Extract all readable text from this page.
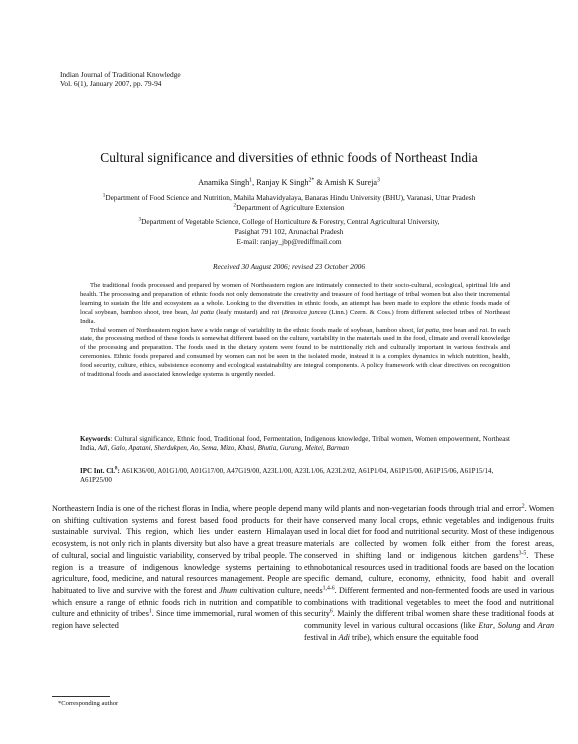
Indian Journal of Traditional Knowledge
Vol. 6(1), January 2007, pp. 79-94
Cultural significance and diversities of ethnic foods of Northeast India
Anamika Singh$^1$, Ranjay K Singh$^{2*}$ & Amish K Sureja$^3$
$^1$Department of Food Science and Nutrition, Mahila Mahavidyalaya, Banaras Hindu University (BHU), Varanasi, Uttar Pradesh
$^2$Department of Agriculture Extension
$^3$Department of Vegetable Science, College of Horticulture & Forestry, Central Agricultural University,
Pasighat 791 102, Arunachal Pradesh
E-mail: ranjay_jbp@rediffmail.com
Received 30 August 2006; revised 23 October 2006

The traditional foods processed and prepared by women of Northeastern region are intimately connected to their socio-cultural, ecological, spiritual life and health. The processing and preparation of ethnic foods not only demonstrate the creativity and treasure of food heritage of tribal women but also their incremental learning to sustain the life and ecosystem as a whole. Looking to the diversities in ethnic foods, an attempt has been made to explore the ethnic foods made of local soybean, bamboo shoot, tree bean, lai patta (leafy mustard) and rai (Brassica juncea (Linn.) Czern. & Coss.) from different selected tribes of Northeast India.

Tribal women of Northeastern region have a wide range of variability in the ethnic foods made of soybean, bamboo shoot, lai patta, tree bean and rai. In each state, the processing method of these foods is somewhat different based on the culture, variability in the materials used in the food, climate and overall knowledge of the processing and preparation. The foods used in the dietary system were found to be nutritionally rich and culturally important in various festivals and ceremonies. Ethnic foods prepared and consumed by women can not be seen in the isolated mode, instead it is a complex dynamics in which nutrition, health, food security, culture, ethics, subsistence economy and ecological sustainability are integral components. A policy framework with clear directives on recognition of traditional foods and associated knowledge systems is urgently needed.

Keywords: Cultural significance, Ethnic food, Traditional food, Fermentation, Indigenous knowledge, Tribal women, Women empowerment, Northeast India, Adi, Galo, Apatani, Sherdukpen, Ao, Sema, Mizo, Khasi, Bhutia, Gurung, Meitei, Barman
IPC Int. Cl.$^8$: A61K36/00, A01G1/00, A01G17/00, A47G19/00, A23L1/00, A23L1/06, A23L2/02, A61P1/04, A61P15/00, A61P15/06, A61P15/14, A61P25/00
Northeastern India is one of the richest floras in India, where people depend on shifting cultivation systems and forest based food products for their sustainable survival. This region, which lies under eastern Himalayan ecosystem, is not only rich in plants diversity but also have a great treasure of cultural, social and linguistic variability, conserved by tribal people. The region is a treasure of indigenous knowledge systems pertaining to agriculture, food, medicine, and natural resources management. People are habituated to live and survive with the forest and Jhum cultivation culture, which ensure a range of ethnic foods rich in nutrition and compatible to culture and ethnicity of tribes$^1$. Since time immemorial, rural women of this region have selected
many wild plants and non-vegetarian foods through trial and error$^2$. Women have conserved many local crops, ethnic vegetables and indigenous fruits used in local diet for food and nutritional security. Most of these indigenous materials are collected by women folk either from the forest areas, conserved in shifting land or indigenous kitchen gardens$^{3-5}$. These ethnobotanical resources used in traditional foods are based on the location specific demand, culture, economy, ethnicity, food habit and overall needs$^{1,4-6}$. Different fermented and non-fermented foods are used in various combinations with traditional vegetables to meet the food and nutritional security$^6$. Mainly the different tribal women share these traditional foods at community level in various cultural occasions (like Etar, Solung and Aran festival in Adi tribe), which ensure the equitable food
*Corresponding author
